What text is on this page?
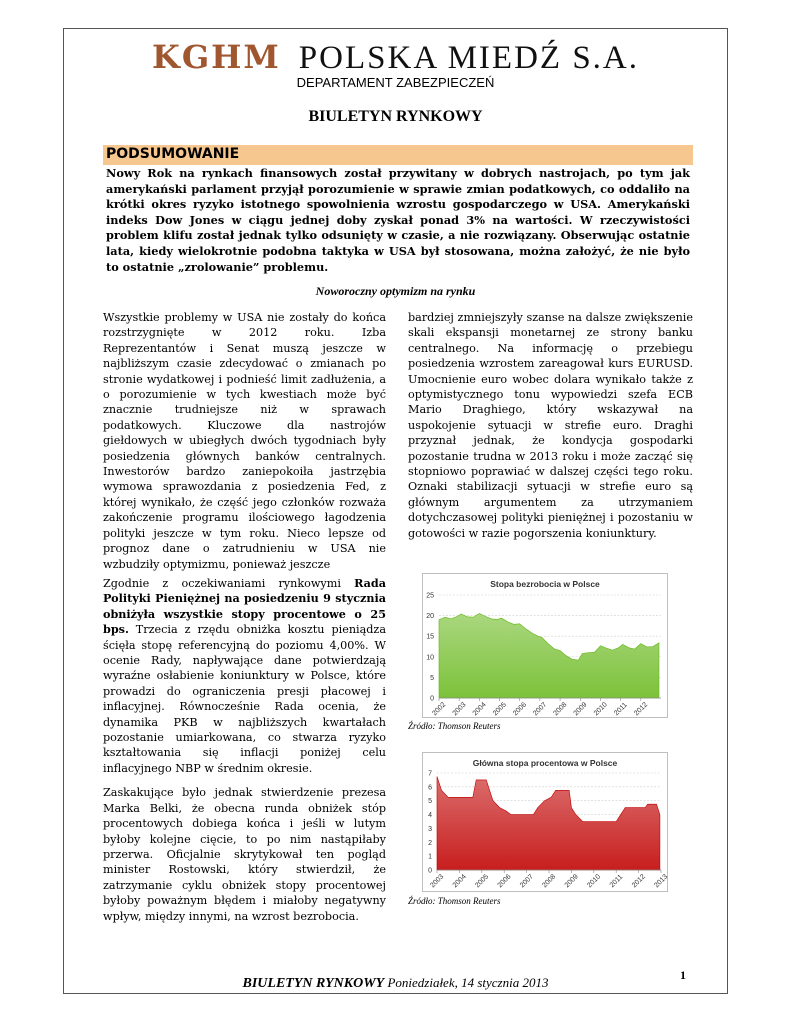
KGHM POLSKA MIEDŹ S.A.
DEPARTAMENT ZABEZPIECZEŃ
BIULETYN RYNKOWY
PODSUMOWANIE
Nowy Rok na rynkach finansowych został przywitany w dobrych nastrojach, po tym jak amerykański parlament przyjął porozumienie w sprawie zmian podatkowych, co oddaliło na krótki okres ryzyko istotnego spowolnienia wzrostu gospodarczego w USA. Amerykański indeks Dow Jones w ciągu jednej doby zyskał ponad 3% na wartości. W rzeczywistości problem klifu został jednak tylko odsunięty w czasie, a nie rozwiązany. Obserwując ostatnie lata, kiedy wielokrotnie podobna taktyka w USA był stosowana, można założyć, że nie było to ostatnie „zrolowanie” problemu.
Noworoczny optymizm na rynku

Wszystkie problemy w USA nie zostały do końca rozstrzygnięte w 2012 roku. Izba Reprezentantów i Senat muszą jeszcze w najbliższym czasie zdecydować o zmianach po stronie wydatkowej i podnieść limit zadłużenia, a o porozumienie w tych kwestiach może być znacznie trudniejsze niż w sprawach podatkowych. Kluczowe dla nastrojów giełdowych w ubiegłych dwóch tygodniach były posiedzenia głównych banków centralnych. Inwestorów bardzo zaniepokoiła jastrzębia wymowa sprawozdania z posiedzenia Fed, z której wynikało, że część jego członków rozważa zakończenie programu ilościowego łagodzenia polityki jeszcze w tym roku. Nieco lepsze od prognoz dane o zatrudnieniu w USA nie wzbudziły optymizmu, ponieważ jeszcze

bardziej zmniejszyły szanse na dalsze zwiększenie skali ekspansji monetarnej ze strony banku centralnego. Na informację o przebiegu posiedzenia wzrostem zareagował kurs EURUSD. Umocnienie euro wobec dolara wynikało także z optymistycznego tonu wypowiedzi szefa ECB Mario Draghiego, który wskazywał na uspokojenie sytuacji w strefie euro. Draghi przyznał jednak, że kondycja gospodarki pozostanie trudna w 2013 roku i może zacząć się stopniowo poprawiać w dalszej części tego roku. Oznaki stabilizacji sytuacji w strefie euro są głównym argumentem za utrzymaniem dotychczasowej polityki pieniężnej i pozostaniu w gotowości w razie pogorszenia koniunktury.

Zgodnie z oczekiwaniami rynkowymi Rada Polityki Pieniężnej na posiedzeniu 9 stycznia obniżyła wszystkie stopy procentowe o 25 bps. Trzecia z rzędu obniżka kosztu pieniądza ścięła stopę referencyjną do poziomu 4,00%. W ocenie Rady, napływające dane potwierdzają wyraźne osłabienie koniunktury w Polsce, które prowadzi do ograniczenia presji płacowej i inflacyjnej. Równocześnie Rada ocenia, że dynamika PKB w najbliższych kwartałach pozostanie umiarkowana, co stwarza ryzyko kształtowania się inflacji poniżej celu inflacyjnego NBP w średnim okresie.

Zaskakujące było jednak stwierdzenie prezesa Marka Belki, że obecna runda obniżek stóp procentowych dobiega końca i jeśli w lutym byłoby kolejne cięcie, to po nim nastąpiłaby przerwa. Oficjalnie skrytykował ten pogląd minister Rostowski, który stwierdził, że zatrzymanie cyklu obniżek stopy procentowej byłoby poważnym błędem i miałoby negatywny wpływ, między innymi, na wzrost bezrobocia.

Stopa bezrobocia w Polsce
0
5
10
15
20
25
2002 2003 2004 2005 2006 2007 2008 2009 2010 2011 2012
Źródło: Thomson Reuters
Główna stopa procentowa w Polsce
0
1
2
3
4
5
6
7
2003 2004 2005 2006 2007 2008 2009 2010 2011 2012 2013
Źródło: Thomson Reuters
1
BIULETYN RYNKOWY Poniedziałek, 14 stycznia 2013
